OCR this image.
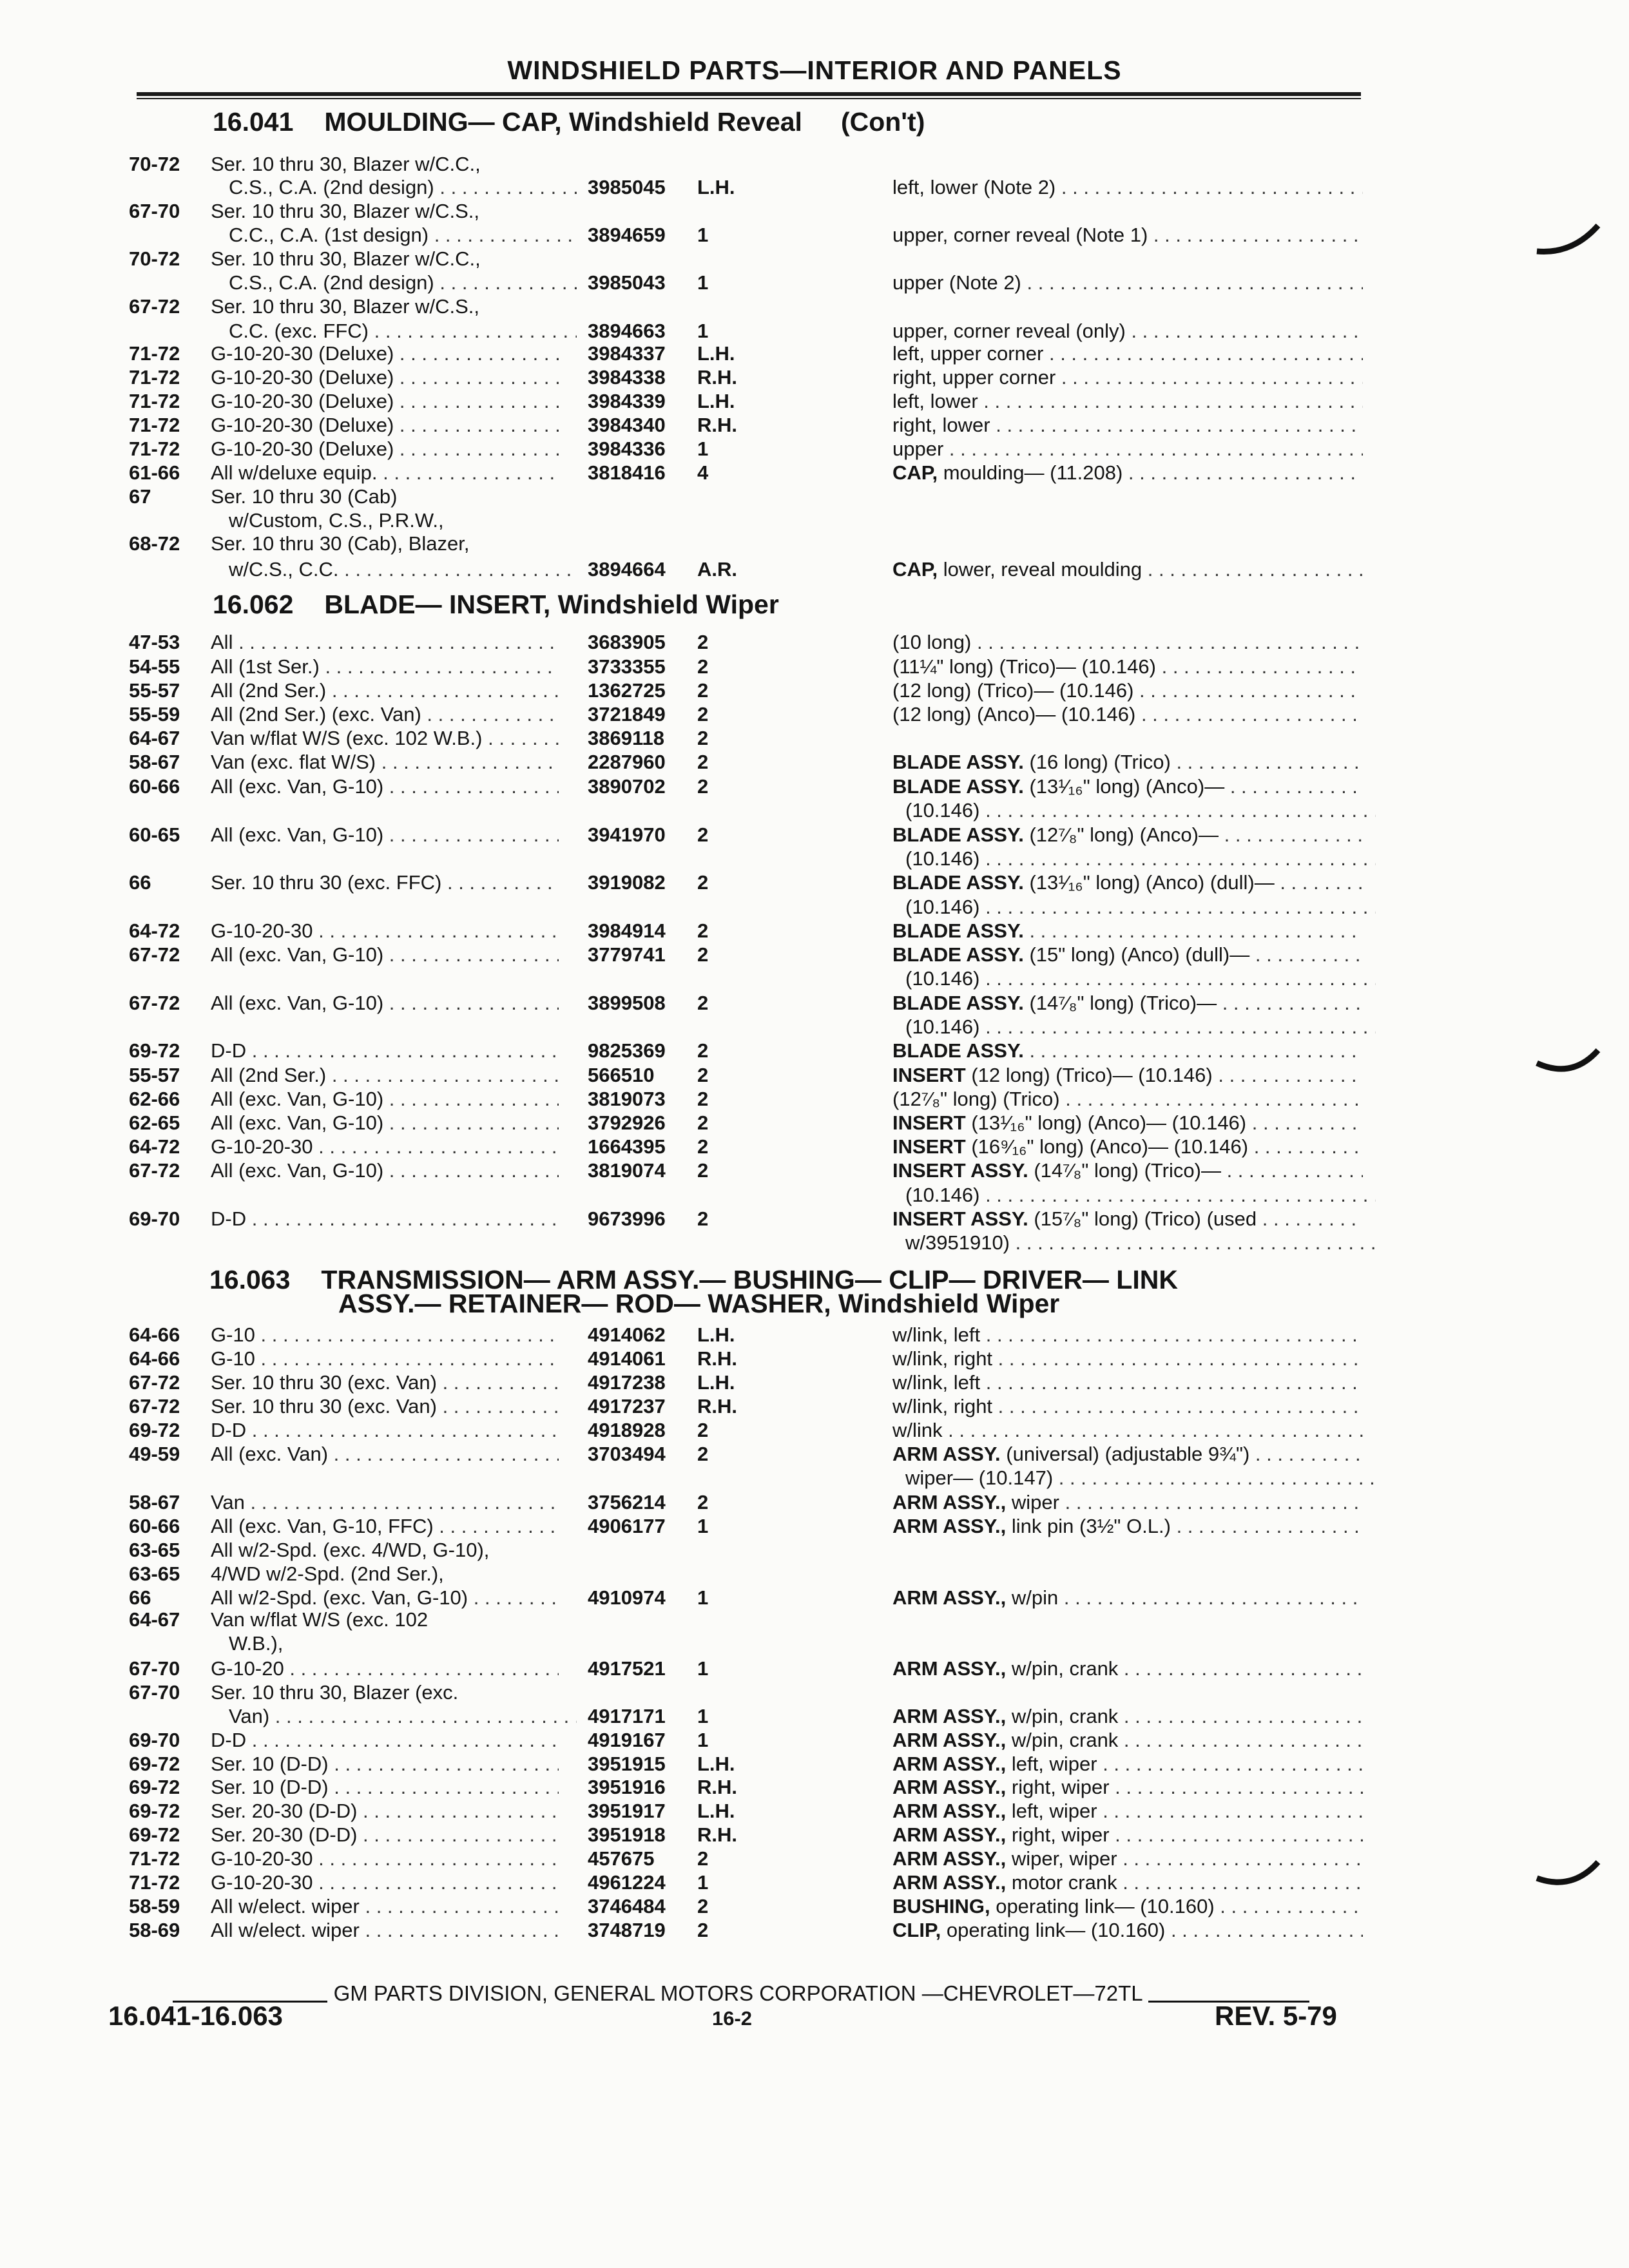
WINDSHIELD PARTS—INTERIOR AND PANELS
16.041 MOULDING— CAP, Windshield Reveal (Con't)
16.062 BLADE— INSERT, Windshield Wiper
16.063 TRANSMISSION— ARM ASSY.— BUSHING— CLIP— DRIVER— LINK
ASSY.— RETAINER— ROD— WASHER, Windshield Wiper
70-72 Ser. 10 thru 30, Blazer w/C.C.,
C.S., C.A. (2nd design) . . .	3985045 L.H.	left, lower (Note 2) . . .
67-70 Ser. 10 thru 30, Blazer w/C.S.,
C.C., C.A. (1st design) . . .	3894659 1	upper, corner reveal (Note 1) . . .
70-72 Ser. 10 thru 30, Blazer w/C.C.,
C.S., C.A. (2nd design) . . .	3985043 1	upper (Note 2) . . .
67-72 Ser. 10 thru 30, Blazer w/C.S.,
C.C. (exc. FFC) . . .	3894663 1	upper, corner reveal (only) . . .
71-72 G-10-20-30 (Deluxe) . . .	3984337 L.H.	left, upper corner . . .
71-72 G-10-20-30 (Deluxe) . . .	3984338 R.H.	right, upper corner . . .
71-72 G-10-20-30 (Deluxe) . . .	3984339 L.H.	left, lower . . .
71-72 G-10-20-30 (Deluxe) . . .	3984340 R.H.	right, lower . . .
71-72 G-10-20-30 (Deluxe) . . .	3984336 1	upper . . .
61-66 All w/deluxe equip. . . .	3818416 4	CAP, moulding— (11.208) . . .
67	Ser. 10 thru 30 (Cab)
w/Custom, C.S., P.R.W.,
68-72 Ser. 10 thru 30 (Cab), Blazer,
w/C.S., C.C. . . .	3894664 A.R.	CAP, lower, reveal moulding . . .
47-53 All . . .	3683905 2	(10 long) . . .
54-55 All (1st Ser.) . . .	3733355 2	(11¼" long) (Trico)— (10.146) . . .
55-57 All (2nd Ser.) . . .	1362725 2	(12 long) (Trico)— (10.146) . . .
55-59 All (2nd Ser.) (exc. Van) . . .	3721849 2	(12 long) (Anco)— (10.146) . . .
64-67 Van w/flat W/S (exc. 102 W.B.) . . .	3869118 2
58-67 Van (exc. flat W/S) . . .	2287960 2	BLADE ASSY. (16 long) (Trico) . . .
60-66 All (exc. Van, G-10) . . .	3890702 2	BLADE ASSY. (13¹⁄₁₆" long) (Anco)— . . .
(10.146) . . .
60-65 All (exc. Van, G-10) . . .	3941970 2	BLADE ASSY. (12⁷⁄₈" long) (Anco)— . . .
(10.146) . . .
66	Ser. 10 thru 30 (exc. FFC) . . .	3919082 2	BLADE ASSY. (13¹⁄₁₆" long) (Anco) (dull)— . . .
(10.146) . . .
64-72 G-10-20-30 . . .	3984914 2	BLADE ASSY. . . .
67-72 All (exc. Van, G-10) . . .	3779741 2	BLADE ASSY. (15" long) (Anco) (dull)— . . .
(10.146) . . .
67-72 All (exc. Van, G-10) . . .	3899508 2	BLADE ASSY. (14⁷⁄₈" long) (Trico)— . . .
(10.146) . . .
69-72 D-D . . .	9825369 2	BLADE ASSY. . . .
55-57 All (2nd Ser.) . . .	566510 2	INSERT (12 long) (Trico)— (10.146) . . .
62-66 All (exc. Van, G-10) . . .	3819073 2	(12⁷⁄₈" long) (Trico) . . .
62-65 All (exc. Van, G-10) . . .	3792926 2	INSERT (13¹⁄₁₆" long) (Anco)— (10.146) . . .
64-72 G-10-20-30 . . .	1664395 2	INSERT (16⁹⁄₁₆" long) (Anco)— (10.146) . . .
67-72 All (exc. Van, G-10) . . .	3819074 2	INSERT ASSY. (14⁷⁄₈" long) (Trico)— . . .
(10.146) . . .
69-70 D-D . . .	9673996 2	INSERT ASSY. (15⁷⁄₈" long) (Trico) (used . . .
w/3951910) . . .
64-66 G-10 . . .	4914062 L.H.	w/link, left . . .
64-66 G-10 . . .	4914061 R.H.	w/link, right . . .
67-72 Ser. 10 thru 30 (exc. Van) . . .	4917238 L.H.	w/link, left . . .
67-72 Ser. 10 thru 30 (exc. Van) . . .	4917237 R.H.	w/link, right . . .
69-72 D-D . . .	4918928 2	w/link . . .
49-59 All (exc. Van) . . .	3703494 2	ARM ASSY. (universal) (adjustable 9¾") . . .
wiper— (10.147) . . .
58-67 Van . . .	3756214 2	ARM ASSY., wiper . . .
60-66 All (exc. Van, G-10, FFC) . . .	4906177 1	ARM ASSY., link pin (3½" O.L.) . . .
63-65 All w/2-Spd. (exc. 4/WD, G-10),
63-65 4/WD w/2-Spd. (2nd Ser.),
66	All w/2-Spd. (exc. Van, G-10) . . .	4910974 1	ARM ASSY., w/pin . . .
64-67 Van w/flat W/S (exc. 102
W.B.),
67-70 G-10-20 . . .	4917521 1	ARM ASSY., w/pin, crank . . .
67-70 Ser. 10 thru 30, Blazer (exc.
Van) . . .	4917171 1	ARM ASSY., w/pin, crank . . .
69-70 D-D . . .	4919167 1	ARM ASSY., w/pin, crank . . .
69-72 Ser. 10 (D-D) . . .	3951915 L.H.	ARM ASSY., left, wiper . . .
69-72 Ser. 10 (D-D) . . .	3951916 R.H.	ARM ASSY., right, wiper . . .
69-72 Ser. 20-30 (D-D) . . .	3951917 L.H.	ARM ASSY., left, wiper . . .
69-72 Ser. 20-30 (D-D) . . .	3951918 R.H.	ARM ASSY., right, wiper . . .
71-72 G-10-20-30 . . .	457675 2	ARM ASSY., wiper, wiper . . .
71-72 G-10-20-30 . . .	4961224 1	ARM ASSY., motor crank . . .
58-59 All w/elect. wiper . . .	3746484 2	BUSHING, operating link— (10.160) . . .
58-69 All w/elect. wiper . . .	3748719 2	CLIP, operating link— (10.160) . . .
GM PARTS DIVISION, GENERAL MOTORS CORPORATION —CHEVROLET—72TL
16.041-16.063	16-2	REV. 5-79
